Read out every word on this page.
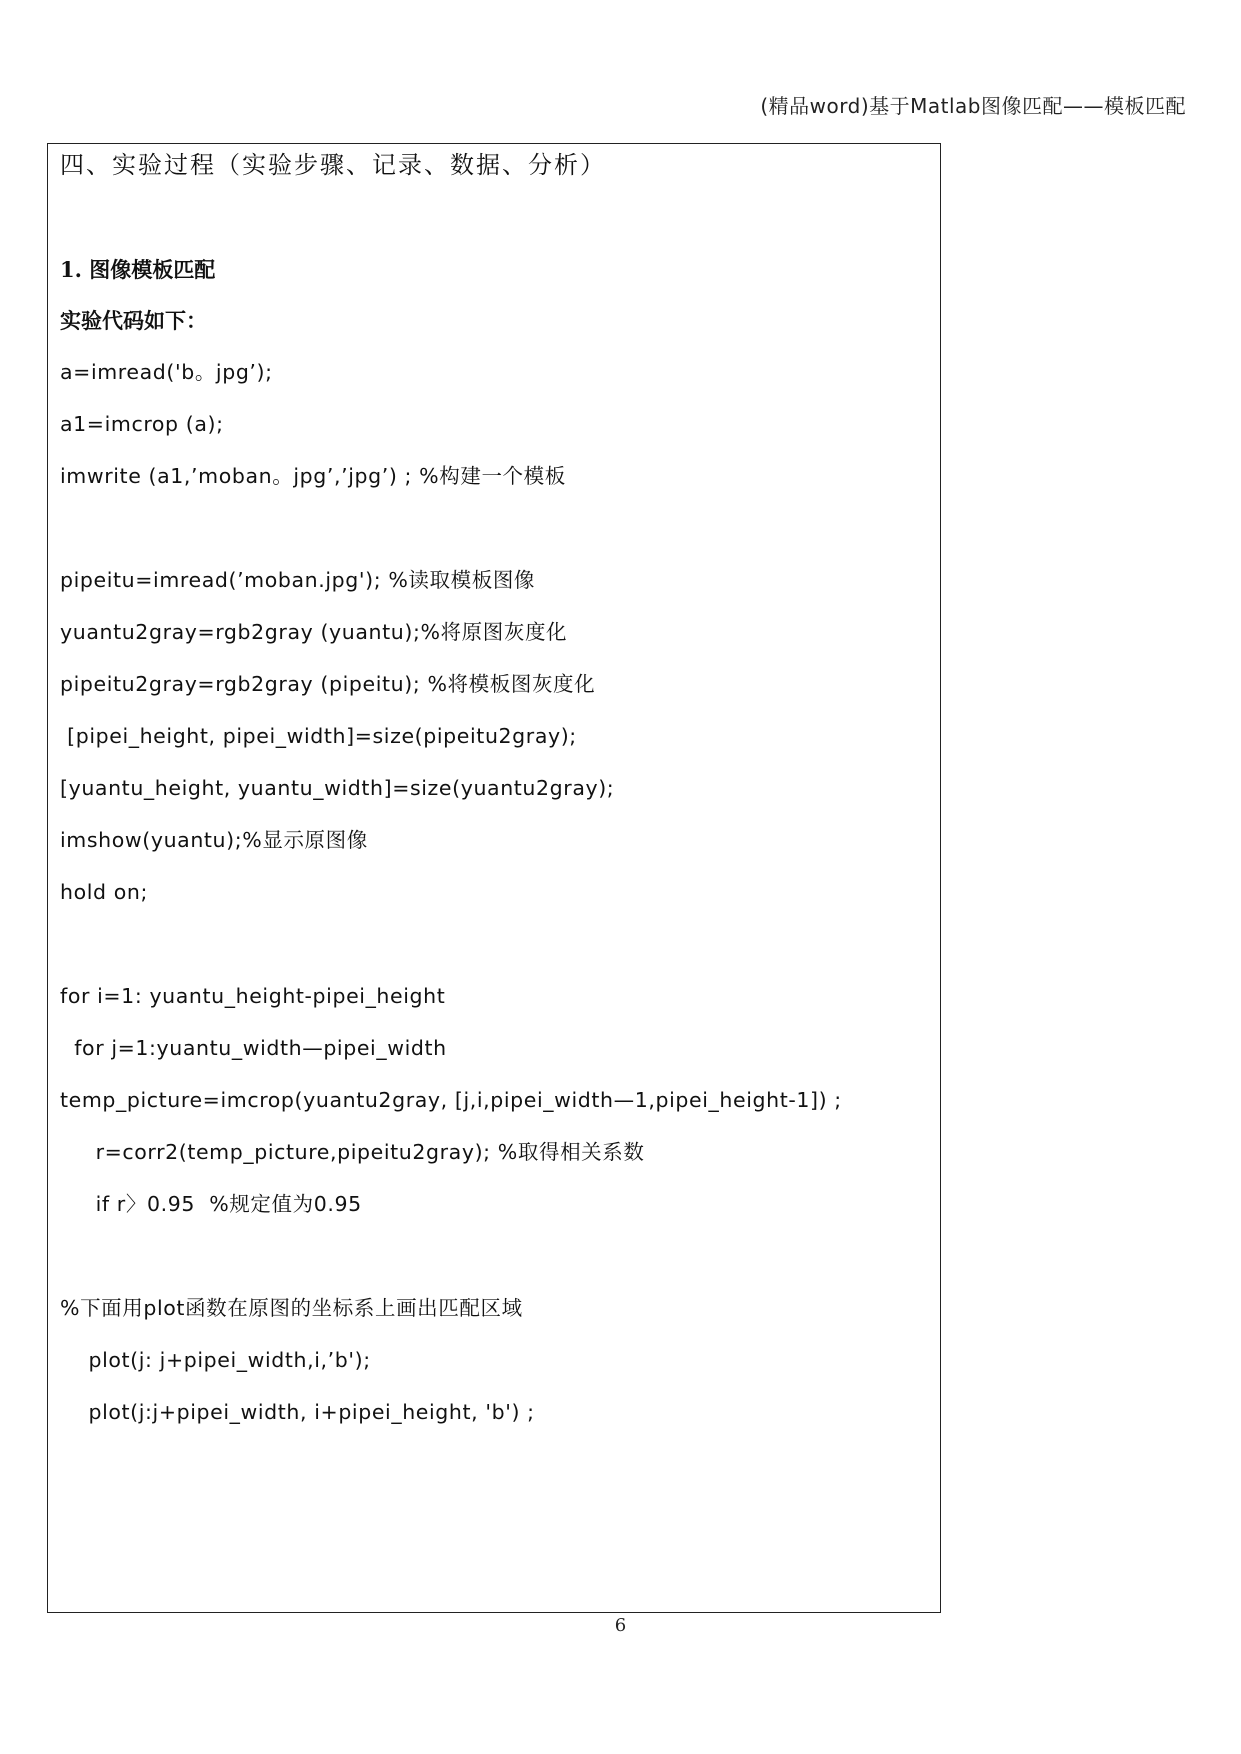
(精品word)基于Matlab图像匹配——模板匹配
四、实验过程（实验步骤、记录、数据、分析）
1. 图像模板匹配
实验代码如下：
a=imread('b。jpg’);
a1=imcrop (a);
imwrite (a1,’moban。jpg’,’jpg’) ; %构建一个模板
pipeitu=imread(’moban.jpg'); %读取模板图像
yuantu2gray=rgb2gray (yuantu);%将原图灰度化
pipeitu2gray=rgb2gray (pipeitu); %将模板图灰度化
[pipei_height, pipei_width]=size(pipeitu2gray);
[yuantu_height, yuantu_width]=size(yuantu2gray);
imshow(yuantu);%显示原图像
hold on;
for i=1: yuantu_height-pipei_height
for j=1:yuantu_width—pipei_width
temp_picture=imcrop(yuantu2gray, [j,i,pipei_width—1,pipei_height-1]) ;
r=corr2(temp_picture,pipeitu2gray); %取得相关系数
if r〉0.95  %规定值为0.95
%下面用plot函数在原图的坐标系上画出匹配区域
plot(j: j+pipei_width,i,’b');
plot(j:j+pipei_width, i+pipei_height, 'b') ;
6
